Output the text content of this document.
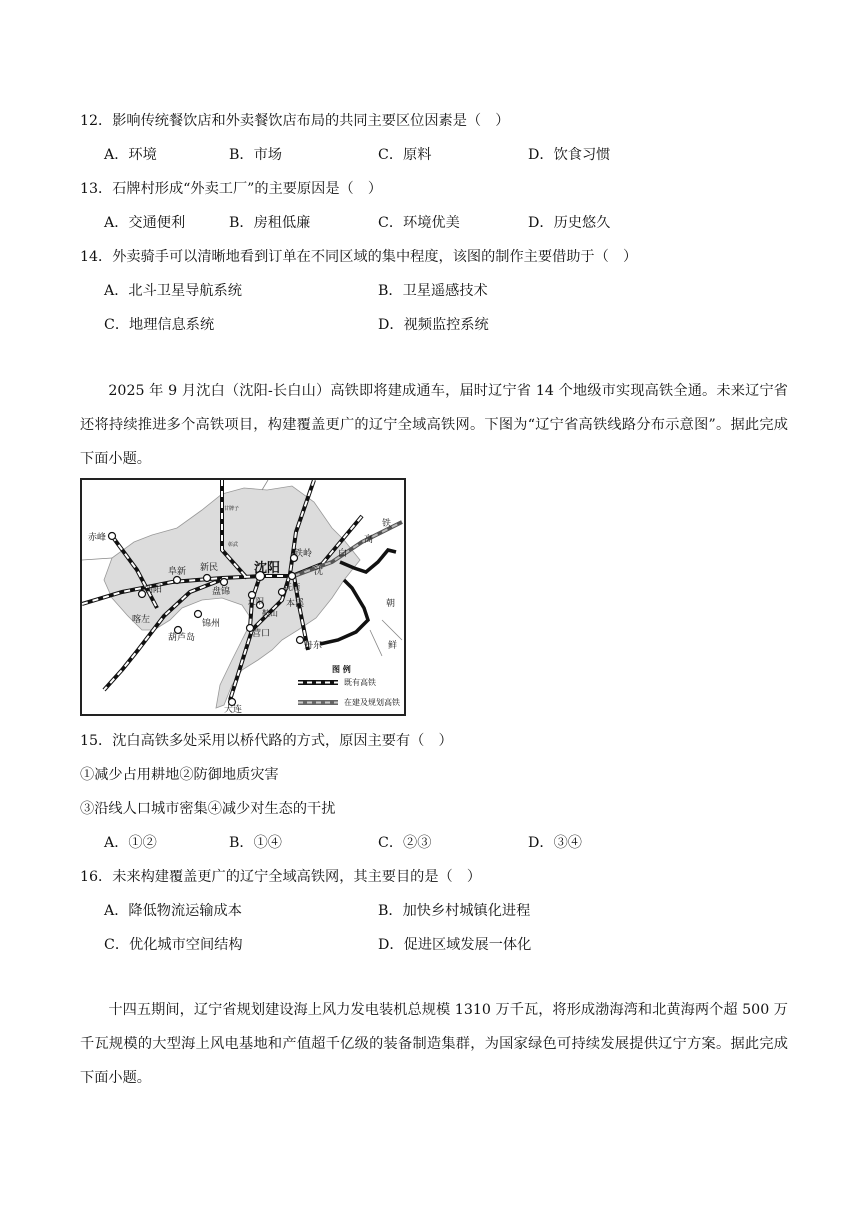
12．影响传统餐饮店和外卖餐饮店布局的共同主要区位因素是（　）
A．环境	B．市场	C．原料	D．饮食习惯
13．石牌村形成“外卖工厂”的主要原因是（　）
A．交通便利	B．房租低廉	C．环境优美	D．历史悠久
14．外卖骑手可以清晰地看到订单在不同区域的集中程度，该图的制作主要借助于（　）
A．北斗卫星导航系统	B．卫星遥感技术
C．地理信息系统	D．视频监控系统
2025 年 9 月沈白（沈阳-长白山）高铁即将建成通车，届时辽宁省 14 个地级市实现高铁全通。未来辽宁省还将持续推进多个高铁项目，构建覆盖更广的辽宁全域高铁网。下图为“辽宁省高铁线路分布示意图”。据此完成下面小题。
赤峰
阜新 新民	沈阳
铁岭
抚顺
本溪
朝阳
喀左
盘锦
辽阳
鞍山
锦州
葫芦岛	营口
丹东
大连
甘牌子
彰武
沈
白
高
铁
朝
鲜
图 例
既有高铁
在建及规划高铁
15．沈白高铁多处采用以桥代路的方式，原因主要有（　）
①减少占用耕地②防御地质灾害
③沿线人口城市密集④减少对生态的干扰
A．①②	B．①④	C．②③	D．③④
16．未来构建覆盖更广的辽宁全域高铁网，其主要目的是（　）
A．降低物流运输成本	B．加快乡村城镇化进程
C．优化城市空间结构	D．促进区域发展一体化
十四五期间，辽宁省规划建设海上风力发电装机总规模 1310 万千瓦，将形成渤海湾和北黄海两个超 500 万千瓦规模的大型海上风电基地和产值超千亿级的装备制造集群，为国家绿色可持续发展提供辽宁方案。据此完成下面小题。
